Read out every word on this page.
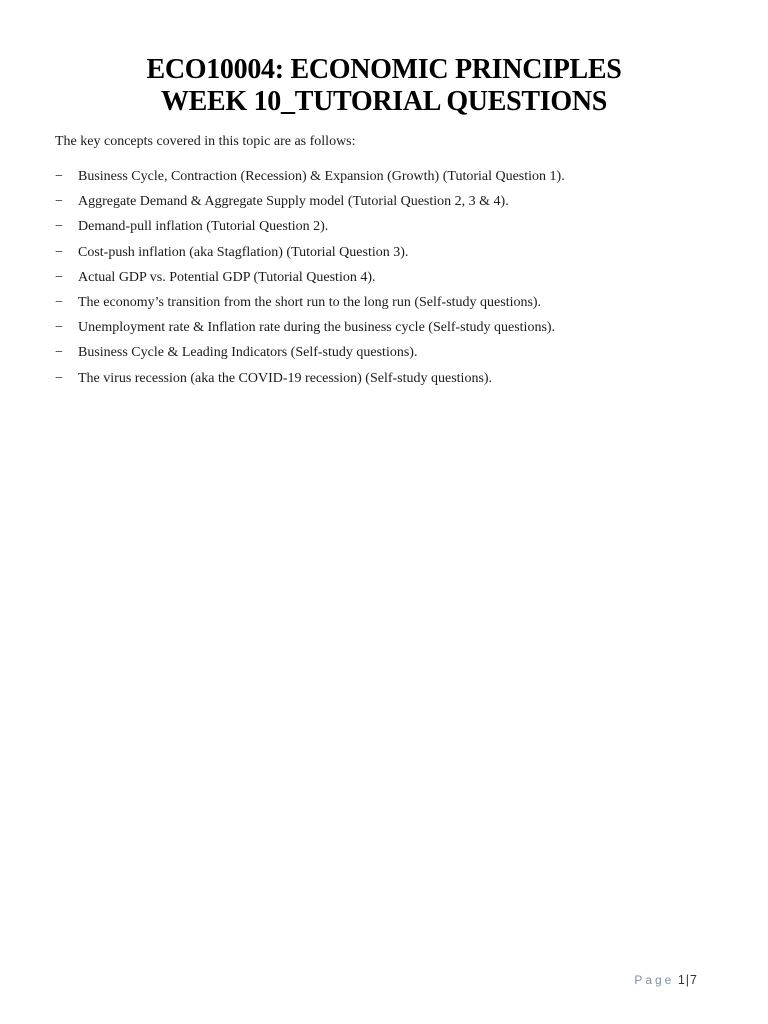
ECO10004: ECONOMIC PRINCIPLES
WEEK 10_TUTORIAL QUESTIONS
The key concepts covered in this topic are as follows:
−	Business Cycle, Contraction (Recession) & Expansion (Growth) (Tutorial Question 1).
−	Aggregate Demand & Aggregate Supply model (Tutorial Question 2, 3 & 4).
−	Demand-pull inflation (Tutorial Question 2).
−	Cost-push inflation (aka Stagflation) (Tutorial Question 3).
−	Actual GDP vs. Potential GDP (Tutorial Question 4).
−	The economy’s transition from the short run to the long run (Self-study questions).
−	Unemployment rate & Inflation rate during the business cycle (Self-study questions).
−	Business Cycle & Leading Indicators (Self-study questions).
−	The virus recession (aka the COVID-19 recession) (Self-study questions).
Page 1|7
